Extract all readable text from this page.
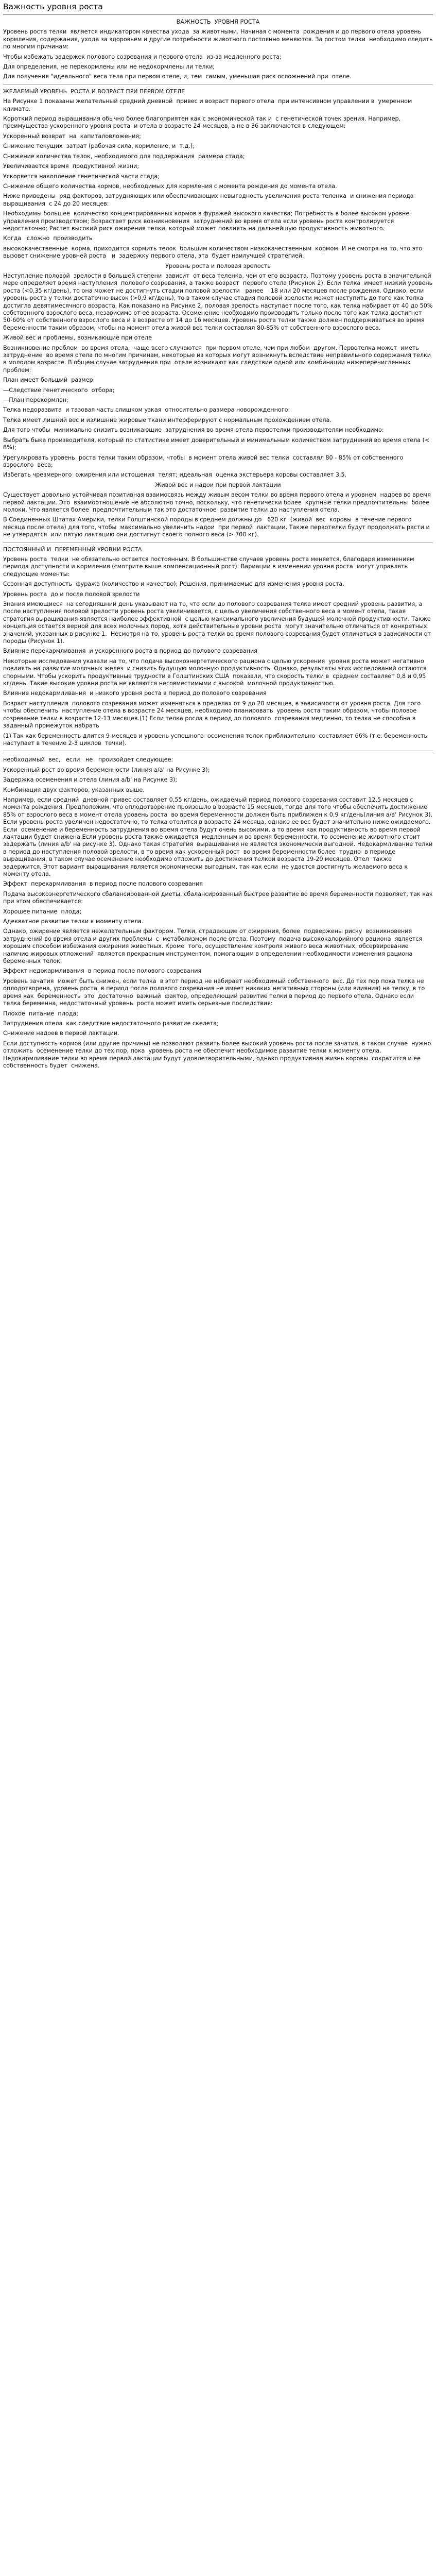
Важность уровня роста

ВАЖНОСТЬ  УРОВНЯ РОСТА

Уровень роста телки  является индикатором качества ухода  за животными. Начиная с момента  рождения и до первого отела уровень  кормления, содержания, ухода за здоровьем и другие потребности животного постоянно меняются. За ростом телки  необходимо следить по многим причинам:

Чтобы избежать задержек полового созревания и первого отела  из-за медленного роста;

Для определения, не перекормлены или не недокормлены ли телки;

Для получения "идеального" веса тела при первом отеле, и, тем  самым, уменьшая риск осложнений при  отеле.

ЖЕЛАЕМЫЙ УРОВЕНЬ  РОСТА И ВОЗРАСТ ПРИ ПЕРВОМ ОТЕЛЕ

На Рисунке 1 показаны желательный средний дневной  привес и возраст первого отела  при интенсивном управлении в  умеренном климате.

Короткий период выращивания обычно более благоприятен как с экономической так и  с генетической точек зрения. Например, преимущества ускоренного уровня роста  и отела в возрасте 24 месяцев, а не в 36 заключаются в следующем:

Ускоренный возврат  на  капиталовложения;

Снижение текущих  затрат (рабочая сила, кормление, и  т.д.);

Снижение количества телок, необходимого для поддержания  размера стада;

Увеличивается время  продуктивной жизни;

Ускоряется накопление генетической части стада;

Снижение общего количества кормов, необходимых для кормления с момента рождения до момента отела.

Ниже приведены  ряд факторов, затрудняющих или обеспечивающих невыгодность увеличения роста теленка  и снижения периода выращивания  с 24 до 20 месяцев:

Необходимы большее  количество концентрированных кормов в фуражей высокого качества; Потребность в более высоком уровне управления производством; Возрастает риск возникновения  затруднений во время отела если уровень роста контролируется недостаточно; Растет высокий риск ожирения телки, который может повлиять на дальнейшую продуктивность животного.

Когда   сложно  производить

высококачественные  корма, приходится кормить телок  большим количеством низкокачественным  кормом. И не смотря на то, что это  вызовет снижение уровней роста   и  задержку первого отела, эта  будет наилучшей стратегией.

Уровень роста и половая зрелость

Наступление половой  зрелости в большей степени  зависит  от веса теленка, чем от его возраста. Поэтому уровень роста в значительной мере определяет время наступления  полового созревания, а также возраст  первого отела (Рисунок 2). Если телка  имеет низкий уровень роста (<0,35 кг/день), то она может не достигнуть стадии половой зрелости   ранее    18 или 20 месяцев после рождения. Однако, если уровень роста у телки достаточно высок (>0,9 кг/день), то в таком случае стадия половой зрелости может наступить до того как телка достигла девятимесячного возраста. Как показано на Рисунке 2, половая зрелость наступает после того, как телка набирает от 40 до 50% собственного взрослого веса, независимо от ее возраста. Осеменение необходимо производить только после того как телка достигнет 50-60% от собственного взрослого веса и в возрасте от 14 до 16 месяцев. Уровень роста телки также должен поддерживаться во время беременности таким образом, чтобы на момент отела живой вес телки составлял 80-85% от собственного взрослого веса.

Живой вес и проблемы, возникающие при отеле

Возникновение проблем  во время отела,  чаще всего случаются  при первом отеле, чем при любом  другом. Первотелка может  иметь  затруднение  во время отела по многим причинам, некоторые из которых могут возникнуть вследствие неправильного содержания телки в молодом возрасте. В общем случае затруднения при  отеле возникают как следствие одной или комбинации нижеперечисленных  проблем:

План имеет больший  размер:

—Следствие генетического  отбора;

—План перекормлен;

Телка недоразвита  и тазовая часть слишком узкая  относительно размера новорожденного:

Телка имеет лишний вес и излишние жировые ткани интерферируют с нормальным прохождением отела.

Для того чтобы  минимально снизить возникающие  затруднения во время отела первотелки производителям необходимо:

Выбрать быка производителя, который по статистике имеет доверительный и минимальным количеством затруднений во время отела (< 8%);

Урегулировать уровень  роста телки таким образом, чтобы  в момент отела живой вес телки  составлял 80 - 85% от собственного взрослого  веса;

Избегать чрезмерного  ожирения или истощения  телят; идеальная  оценка экстерьера коровы составляет 3.5.

Живой вес и надои при первой лактации

Существует довольно устойчивая позитивная взаимосвязь между живым весом телки во время первого отела и уровнем  надоев во время первой лактации. Это  взаимоотношение не абсолютно точно, поскольку, что генетически более  крупные телки предпочтительны  более молоки. Что является более  предпочтительным так это достаточное  развитие телки до наступления отела.

В Соединенных Штатах Америки, телки Голштинской породы в среднем должны до   620 кг  (живой  вес  коровы  в течение первого  месяца после отела) для того, чтобы  максимально увеличить надои  при первой  лактации. Также первотелки будут продолжать расти и не утвердятся  или пятую лактацию они достигнут своего полного веса (> 700 кг).

ПОСТОЯННЫЙ И  ПЕРЕМЕННЫЙ УРОВНИ РОСТА

Уровень роста  телки  не обязательно остается постоянным. В большинстве случаев уровень роста меняется, благодаря изменениям периода доступности и кормления (смотрите выше компенсационный рост). Вариации в изменении уровня роста  могут управлять следующие моменты:

Сезонная доступность  фуража (количество и качество); Решения, принимаемые для изменения уровня роста.

Уровень роста  до и после половой зрелости

Знания имеющиеся  на сегодняшний день указывают на то, что если до полового созревания телка имеет средний уровень развития, а после наступления половой зрелости уровень роста увеличивается, с целью увеличения собственного веса в момент отела, такая стратегия выращивания является наиболее эффективной  с целью максимального увеличения будущей молочной продуктивности. Также  концепция остается верной для всех молочных пород, хотя действительные уровни роста  могут значительно отличаться от конкретных значений, указанных в рисунке 1.  Несмотря на то, уровень роста телки во время полового созревания будет отличаться в зависимости от породы (Рисунок 1).

Влияние перекармливания  и ускоренного роста в период до полового созревания

Некоторые исследования указали на то, что подача высокоэнергетического рациона с целью ускорения  уровня роста может негативно  повлиять на развитие молочных желез  и снизить будущую молочную продуктивность. Однако, результаты этих исследований остаются спорными. Чтобы ускорить продуктивные трудности в Голштинских США  показали, что скорость телки в  среднем составляет 0,8 и 0,95 кг/день. Такие высокие уровни роста не являются несовместимыми с высокой  молочной продуктивностью.

Влияние недокармливания  и низкого уровня роста в период до полового созревания

Возраст наступления  полового созревания может изменяться в пределах от 9 до 20 месяцев, в зависимости от уровня роста. Для того чтобы обеспечить  наступление отела в возрасте 24 месяцев, необходимо планировать  уровень роста таким образом, чтобы половое созревание телки в возрасте 12-13 месяцев.(1) Если телка росла в период до полового  созревания медленно, то телка не способна в заданный промежуток набрать

(1) Так как беременность длится 9 месяцев и уровень успешного  осеменения телок приблизительно  составляет 66% (т.е. беременность  наступает в течение 2-3 циклов  течки).

необходимый  вес,   если   не   произойдет следующее:

Ускоренный рост во время беременности (линия а/а' на Рисунке 3);

Задержка осеменения и отела (линия а/b' на Рисунке 3);

Комбинация двух факторов, указанных выше.

Например, если средний  дневной привес составляет 0,55 кг/день, ожидаемый период полового созревания составит 12,5 месяцев с момента рождения. Предположим, что оплодотворение произошло в возрасте 15 месяцев, тогда для того чтобы обеспечить достижение 85% от взрослого веса в момент отела уровень роста  во время беременности должен быть приближен к 0,9 кг/день(линия а/а' Рисунок 3). Если уровень роста увеличен недостаточно, то телка отелится в возрасте 24 месяца, однако ее вес будет значительно ниже ожидаемого. Если  осеменение и беременность затруднения во время отела будут очень высокими, а то время как продуктивность во время первой лактации будет снижена.Если уровень роста также ожидается  медленным и во время беременности, то осеменение животного стоит задержать (линия а/b' на рисунке 3). Однако такая стратегия  выращивания не является экономически выгодной. Недокармливание телки в период до наступления половой зрелости, в то время как ускоренный рост  во время беременности более  трудно  в периоде выращивания, в таком случае осеменение необходимо отложить до достижения телкой возраста 19-20 месяцев. Отел  также  задержится. Этот вариант выращивания является экономически выгодным, так как если  не удастся достигнуть желаемого веса к моменту отела.

Эффект  перекармливания  в период после полового созревания

Подача высокоэнергетического сбалансированной диеты, сбалансированный быстрее развитие во время беременности позволяет, так как при этом обеспечивается:

Хорошее питание  плода;

Адекватное развитие телки к моменту отела.

Однако, ожирение является нежелательным фактором. Телки, страдающие от ожирения, более  подвержены риску  возникновения затруднений во время отела и других проблемы  с  метаболизмом после отела. Поэтому  подача высококалорийного рациона  является хорошим способом избежания ожирения животных. Кроме  того, осуществление контроля живого веса животных, обсервирование  наличие жировых отложений  является прекрасным инструментом, помогающим в определении необходимости изменения рациона беременных телок.

Эффект недокармливания  в период после полового созревания

Уровень зачатия  может быть снижен, если телка  в этот период не набирает необходимый собственного  вес. До тех пор пока телка не оплодотворена, уровень роста  в период после полового созревания не имеет никаких негативных стороны (или влияния) на телку, в то время как  беременность  это  достаточно  важный  фактор, определяющий развитие телки в период до первого отела. Однако если телка беременна, недостаточный уровень  роста может иметь серьезные последствия:

Плохое  питание  плода;

Затруднения отела  как следствие недостаточного развитие скелета;

Снижение надоев в первой лактации.

Если доступность кормов (или другие причины) не позволяют развить более высокий уровень роста после зачатия, в таком случае  нужно  отложить  осеменение телки до тех пор, пока  уровень роста не обеспечит необходимое развитие телки к моменту отела. Недокармливание телки во время первой лактации будут удовлетворительными, однако продуктивная жизнь коровы  сократится и ее собственность будет  снижена.
